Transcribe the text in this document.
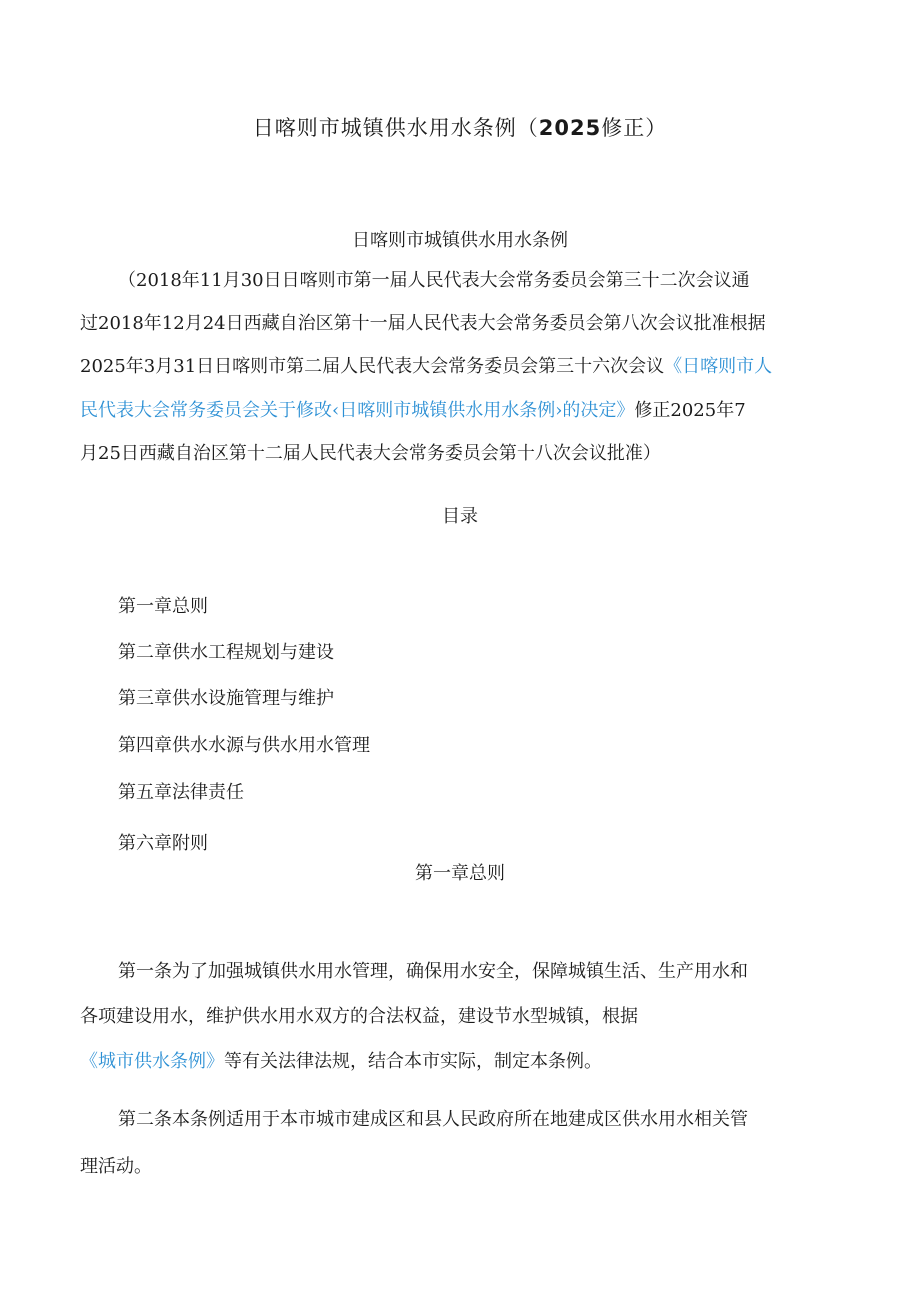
日喀则市城镇供水用水条例（2025修正）
日喀则市城镇供水用水条例
（2018年11月30日日喀则市第一届人民代表大会常务委员会第三十二次会议通
过2018年12月24日西藏自治区第十一届人民代表大会常务委员会第八次会议批准根据
2025年3月31日日喀则市第二届人民代表大会常务委员会第三十六次会议《日喀则市人
民代表大会常务委员会关于修改‹日喀则市城镇供水用水条例›的决定》修正2025年7
月25日西藏自治区第十二届人民代表大会常务委员会第十八次会议批准）
目录
第一章总则
第二章供水工程规划与建设
第三章供水设施管理与维护
第四章供水水源与供水用水管理
第五章法律责任
第六章附则
第一章总则
第一条为了加强城镇供水用水管理，确保用水安全，保障城镇生活、生产用水和
各项建设用水，维护供水用水双方的合法权益，建设节水型城镇，根据
《城市供水条例》等有关法律法规，结合本市实际，制定本条例。
第二条本条例适用于本市城市建成区和县人民政府所在地建成区供水用水相关管
理活动。
